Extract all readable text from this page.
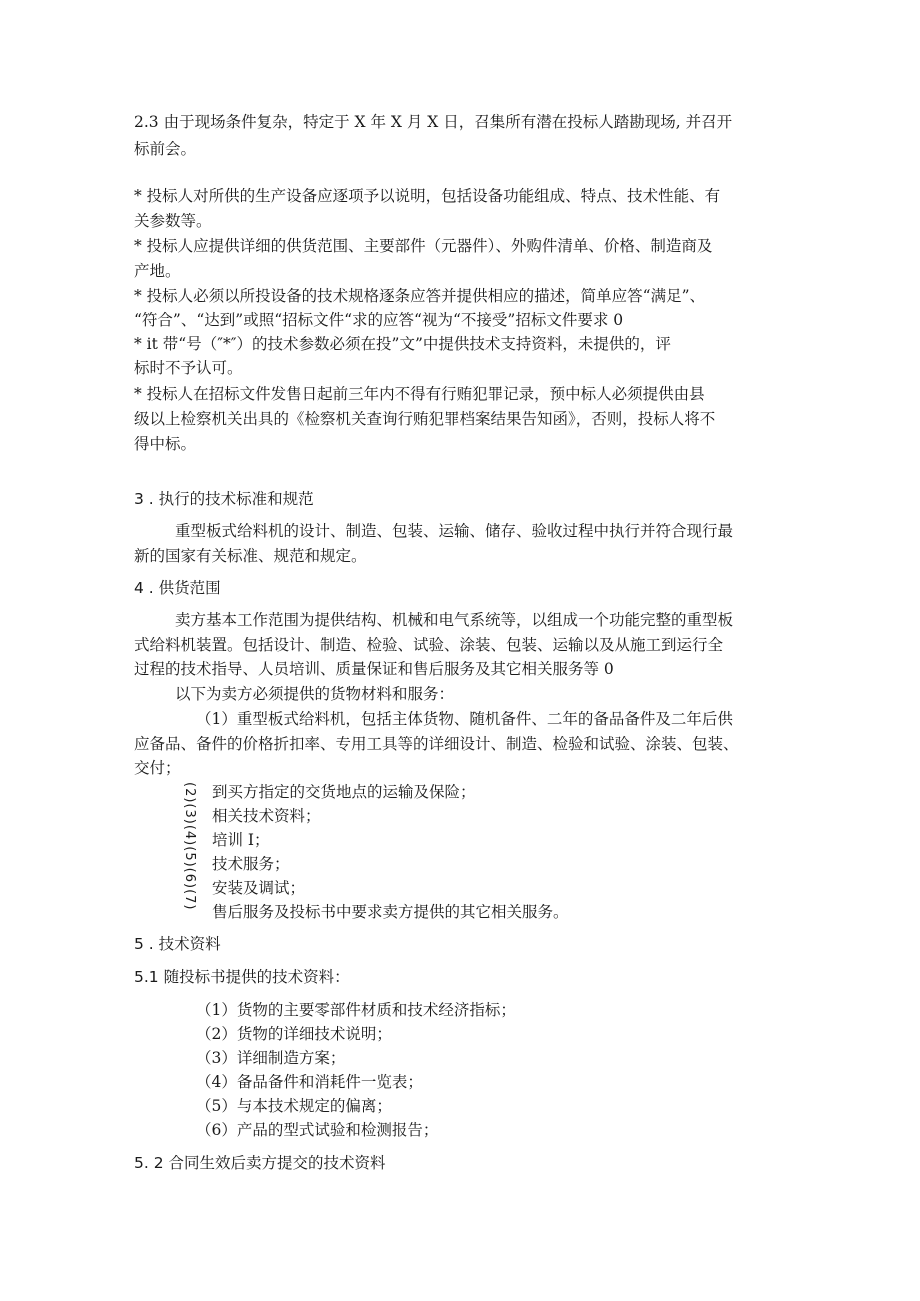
2.3 由于现场条件复杂，特定于 X 年 X 月 X 日，召集所有潜在投标人踏勘现场, 并召开
标前会。
* 投标人对所供的生产设备应逐项予以说明，包括设备功能组成、特点、技术性能、有
关参数等。
* 投标人应提供详细的供货范围、主要部件（元器件）、外购件清单、价格、制造商及
产地。
* 投标人必须以所投设备的技术规格逐条应答并提供相应的描述，简单应答“满足”、
“符合”、“达到”或照“招标文件“求的应答“视为“不接受”招标文件要求 0
* it 带“号（″*″）的技术参数必须在投”文”中提供技术支持资料，未提供的，评
标时不予认可。
* 投标人在招标文件发售日起前三年内不得有行贿犯罪记录，预中标人必须提供由县
级以上检察机关出具的《检察机关查询行贿犯罪档案结果告知函》，否则，投标人将不
得中标。
3 . 执行的技术标准和规范
重型板式给料机的设计、制造、包装、运输、储存、验收过程中执行并符合现行最
新的国家有关标准、规范和规定。
4 . 供货范围
卖方基本工作范围为提供结构、机械和电气系统等，以组成一个功能完整的重型板
式给料机装置。包括设计、制造、检验、试验、涂装、包装、运输以及从施工到运行全
过程的技术指导、人员培训、质量保证和售后服务及其它相关服务等 0
以下为卖方必须提供的货物材料和服务：
（1）重型板式给料机，包括主体货物、随机备件、二年的备品备件及二年后供
应备品、备件的价格折扣率、专用工具等的详细设计、制造、检验和试验、涂装、包装、
交付；
(2)(3)(4)(5)(6)(7) 到买方指定的交货地点的运输及保险；
相关技术资料；
培训 I；
技术服务；
安装及调试；
售后服务及投标书中要求卖方提供的其它相关服务。
5 . 技术资料
5.1 随投标书提供的技术资料：
（1）货物的主要零部件材质和技术经济指标；
（2）货物的详细技术说明；
（3）详细制造方案；
（4）备品备件和消耗件一览表；
（5）与本技术规定的偏离；
（6）产品的型式试验和检测报告；
5. 2 合同生效后卖方提交的技术资料
